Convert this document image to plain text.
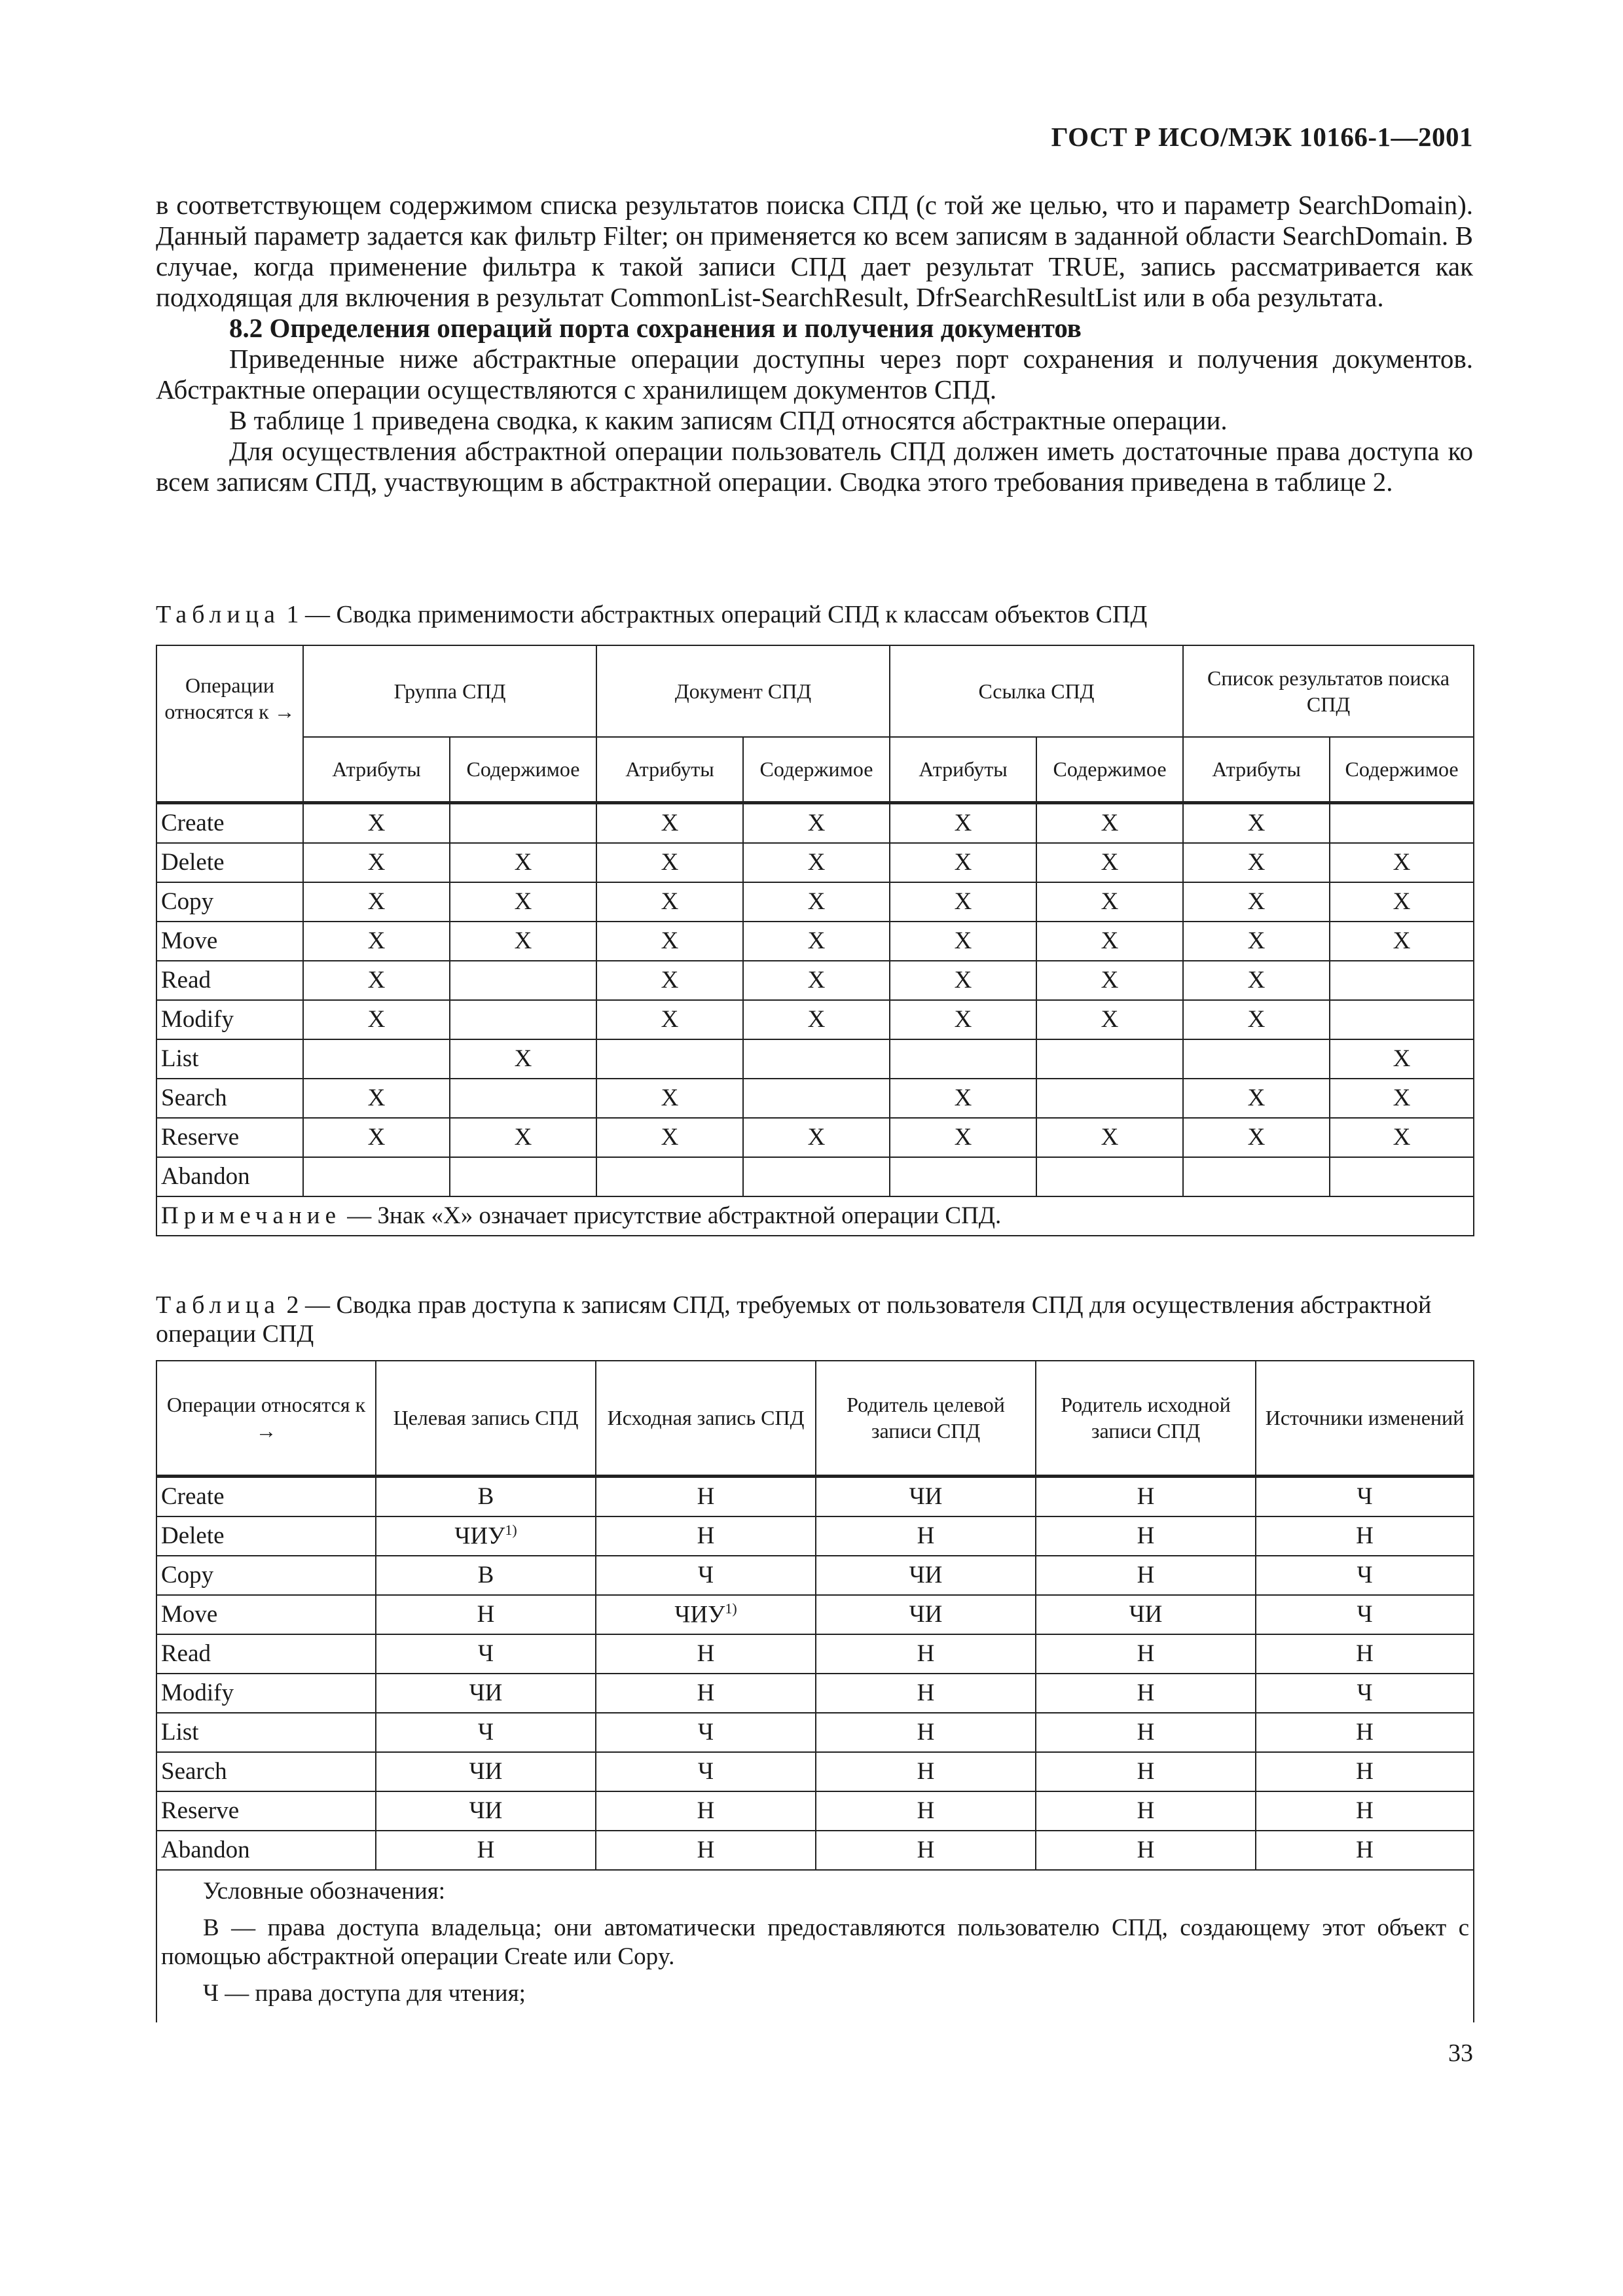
ГОСТ Р ИСО/МЭК 10166-1—2001

в соответствующем содержимом списка результатов поиска СПД (с той же целью, что и параметр SearchDomain). Данный параметр задается как фильтр Filter; он применяется ко всем записям в заданной области SearchDomain. В случае, когда применение фильтра к такой записи СПД дает результат TRUE, запись рассматривается как подходящая для включения в результат CommonList-SearchResult, DfrSearchResultList или в оба результата.

8.2 Определения операций порта сохранения и получения документов

Приведенные ниже абстрактные операции доступны через порт сохранения и получения документов. Абстрактные операции осуществляются с хранилищем документов СПД.

В таблице 1 приведена сводка, к каким записям СПД относятся абстрактные операции.

Для осуществления абстрактной операции пользователь СПД должен иметь достаточные права доступа ко всем записям СПД, участвующим в абстрактной операции. Сводка этого требования приведена в таблице 2.

Таблица 1 — Сводка применимости абстрактных операций СПД к классам объектов СПД
Операции относятся к →	Группа СПД		Документ СПД		Ссылка СПД		Список результатов поиска СПД	
	Атрибуты	Содержимое	Атрибуты	Содержимое	Атрибуты	Содержимое	Атрибуты	Содержимое
Create	X		X	X	X	X	X	
Delete	X	X	X	X	X	X	X	X
Copy	X	X	X	X	X	X	X	X
Move	X	X	X	X	X	X	X	X
Read	X		X	X	X	X	X	
Modify	X		X	X	X	X	X	
List		X						X
Search	X		X		X		X	X
Reserve	X	X	X	X	X	X	X	X
Abandon								
Примечание — Знак «Х» означает присутствие абстрактной операции СПД.								
Таблица 2 — Сводка прав доступа к записям СПД, требуемых от пользователя СПД для осуществления абстрактной операции СПД
Операции относятся к →	Целевая запись СПД	Исходная запись СПД	Родитель целевой записи СПД	Родитель исходной записи СПД	Источники изменений
Create	В	Н	ЧИ	Н	Ч
Delete	ЧИУ$^{1)}$	Н	Н	Н	Н
Copy	В	Ч	ЧИ	Н	Ч
Move	Н	ЧИУ$^{1)}$	ЧИ	ЧИ	Ч
Read	Ч	Н	Н	Н	Н
Modify	ЧИ	Н	Н	Н	Ч
List	Ч	Ч	Н	Н	Н
Search	ЧИ	Ч	Н	Н	Н
Reserve	ЧИ	Н	Н	Н	Н
Abandon	Н	Н	Н	Н	Н

Условные обозначения:

В — права доступа владельца; они автоматически предоставляются пользователю СПД, создающему этот объект с помощью абстрактной операции Create или Copy.

Ч — права доступа для чтения;					

33
